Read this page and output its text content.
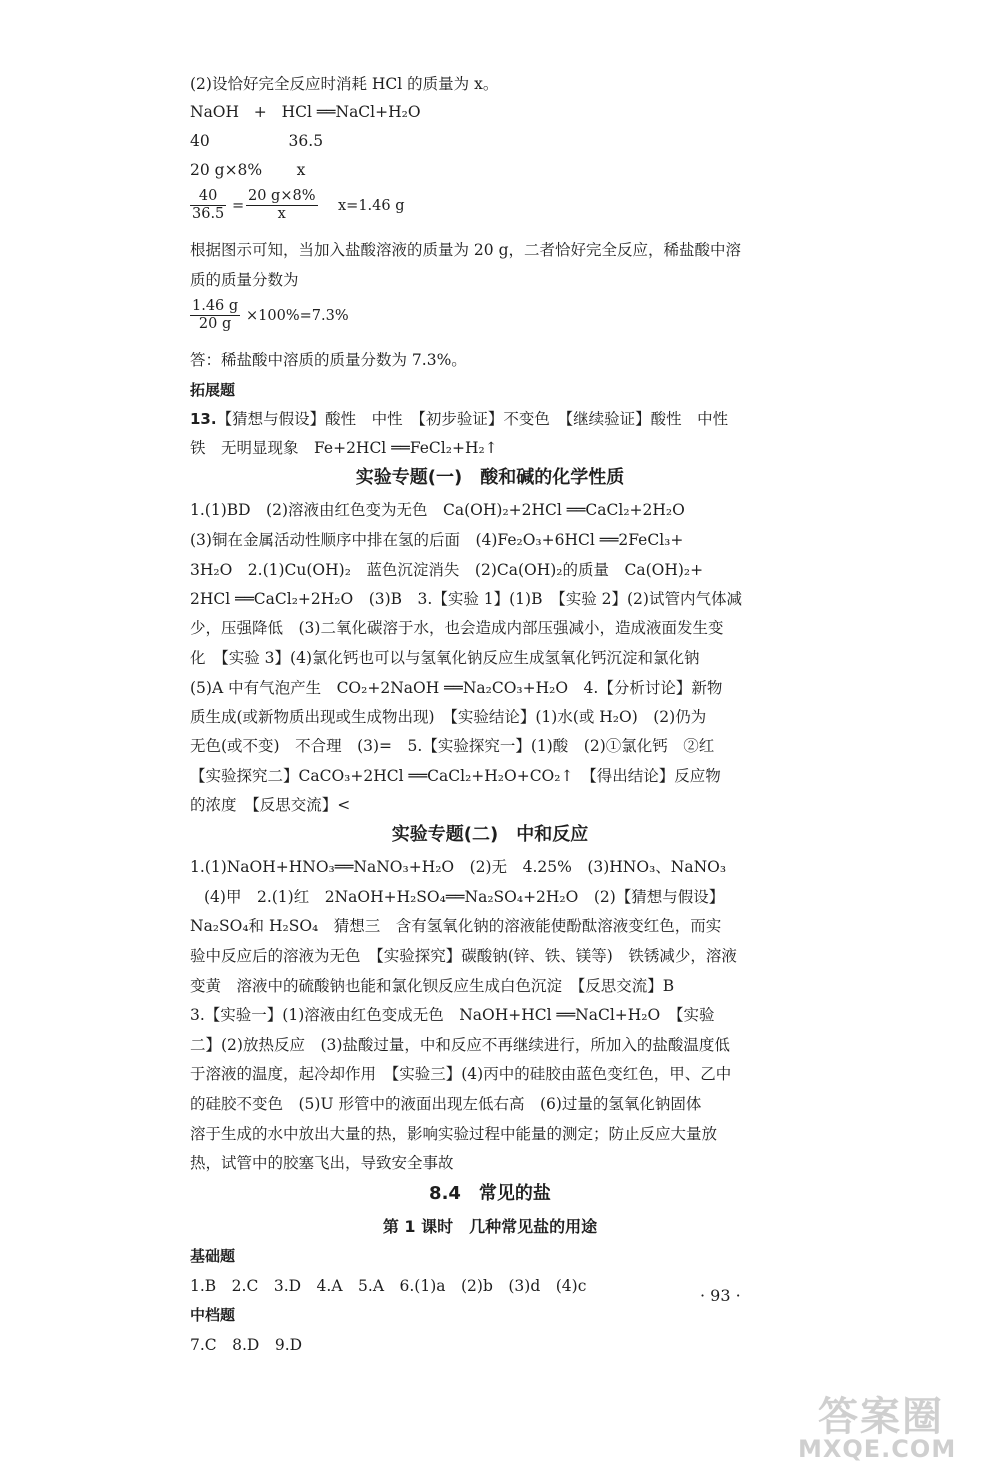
(2)设恰好完全反应时消耗 HCl 的质量为 x。
NaOH   +   HCl ══NaCl+H₂O
40                36.5
20 g×8%       x
$\frac{40}{36.5} = \frac{20 g\times 8\%}{x} x=1.46$ g
根据图示可知，当加入盐酸溶液的质量为 20 g，二者恰好完全反应，稀盐酸中溶
质的质量分数为
$\frac{1.46 g}{20 g} \times 100\%=7.3\%$
答：稀盐酸中溶质的质量分数为 7.3%。
拓展题
13.【猜想与假设】酸性　中性　【初步验证】不变色　【继续验证】酸性　中性
铁　无明显现象　Fe+2HCl ══FeCl₂+H₂↑
实验专题(一)　酸和碱的化学性质
1.(1)BD　(2)溶液由红色变为无色　Ca(OH)₂+2HCl ══CaCl₂+2H₂O
(3)铜在金属活动性顺序中排在氢的后面　(4)Fe₂O₃+6HCl ══2FeCl₃+
3H₂O　2.(1)Cu(OH)₂　蓝色沉淀消失　(2)Ca(OH)₂的质量　Ca(OH)₂+
2HCl ══CaCl₂+2H₂O　(3)B　3.【实验 1】(1)B　【实验 2】(2)试管内气体减
少，压强降低　(3)二氧化碳溶于水，也会造成内部压强减小，造成液面发生变
化　【实验 3】(4)氯化钙也可以与氢氧化钠反应生成氢氧化钙沉淀和氯化钠
(5)A 中有气泡产生　CO₂+2NaOH ══Na₂CO₃+H₂O　4.【分析讨论】新物
质生成(或新物质出现或生成物出现)　【实验结论】(1)水(或 H₂O)　(2)仍为
无色(或不变)　不合理　(3)=　5.【实验探究一】(1)酸　(2)①氯化钙　②红
【实验探究二】CaCO₃+2HCl ══CaCl₂+H₂O+CO₂↑　【得出结论】反应物
的浓度　【反思交流】<
实验专题(二)　中和反应
1.(1)NaOH+HNO₃══NaNO₃+H₂O　(2)无　4.25%　(3)HNO₃、NaNO₃
(4)甲　2.(1)红　2NaOH+H₂SO₄══Na₂SO₄+2H₂O　(2)【猜想与假设】
Na₂SO₄和 H₂SO₄　猜想三　含有氢氧化钠的溶液能使酚酞溶液变红色，而实
验中反应后的溶液为无色　【实验探究】碳酸钠(锌、铁、镁等)　铁锈减少，溶液
变黄　溶液中的硫酸钠也能和氯化钡反应生成白色沉淀　【反思交流】B
3.【实验一】(1)溶液由红色变成无色　NaOH+HCl ══NaCl+H₂O　【实验
二】(2)放热反应　(3)盐酸过量，中和反应不再继续进行，所加入的盐酸温度低
于溶液的温度，起冷却作用　【实验三】(4)丙中的硅胶由蓝色变红色，甲、乙中
的硅胶不变色　(5)U 形管中的液面出现左低右高　(6)过量的氢氧化钠固体
溶于生成的水中放出大量的热，影响实验过程中能量的测定；防止反应大量放
热，试管中的胶塞飞出，导致安全事故
8.4　常见的盐
第 1 课时　几种常见盐的用途
基础题
1.B　2.C　3.D　4.A　5.A　6.(1)a　(2)b　(3)d　(4)c
中档题
7.C　8.D　9.D
· 93 ·
答案圈
MXQE.COM
